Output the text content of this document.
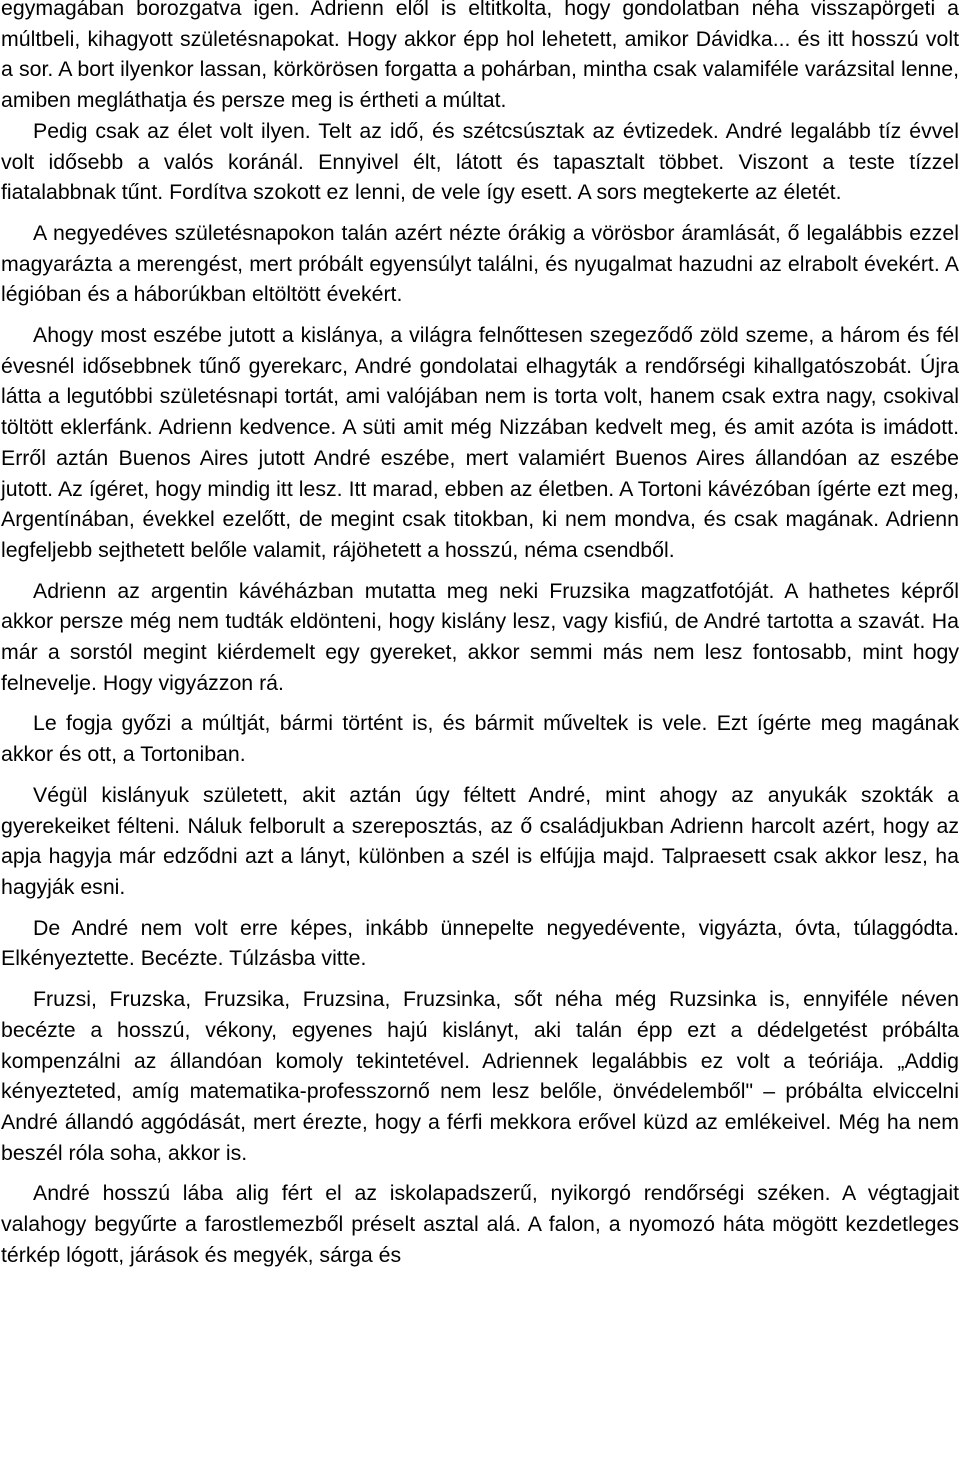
egymagában borozgatva igen. Adrienn elől is eltitkolta, hogy gondolatban néha visszapörgeti a múltbeli, kihagyott születésnapokat. Hogy akkor épp hol lehetett, amikor Dávidka... és itt hosszú volt a sor. A bort ilyenkor lassan, körkörösen forgatta a pohárban, mintha csak valamiféle varázsital lenne, amiben megláthatja és persze meg is értheti a múltat.

Pedig csak az élet volt ilyen. Telt az idő, és szétcsúsztak az évtizedek. André legalább tíz évvel volt idősebb a valós koránál. Ennyivel élt, látott és tapasztalt többet. Viszont a teste tízzel fiatalabbnak tűnt. Fordítva szokott ez lenni, de vele így esett. A sors megtekerte az életét.

A negyedéves születésnapokon talán azért nézte órákig a vörösbor áramlását, ő legalábbis ezzel magyarázta a merengést, mert próbált egyensúlyt találni, és nyugalmat hazudni az elrabolt évekért. A légióban és a háborúkban eltöltött évekért.

Ahogy most eszébe jutott a kislánya, a világra felnőttesen szegeződő zöld szeme, a három és fél évesnél idősebbnek tűnő gyerekarc, André gondolatai elhagyták a rendőrségi kihallgatószobát. Újra látta a legutóbbi születésnapi tortát, ami valójában nem is torta volt, hanem csak extra nagy, csokival töltött eklerfánk. Adrienn kedvence. A süti amit még Nizzában kedvelt meg, és amit azóta is imádott. Erről aztán Buenos Aires jutott André eszébe, mert valamiért Buenos Aires állandóan az eszébe jutott. Az ígéret, hogy mindig itt lesz. Itt marad, ebben az életben. A Tortoni kávézóban ígérte ezt meg, Argentínában, évekkel ezelőtt, de megint csak titokban, ki nem mondva, és csak magának. Adrienn legfeljebb sejthetett belőle valamit, rájöhetett a hosszú, néma csendből.

Adrienn az argentin kávéházban mutatta meg neki Fruzsika magzatfotóját. A hathetes képről akkor persze még nem tudták eldönteni, hogy kislány lesz, vagy kisfiú, de André tartotta a szavát. Ha már a sorstól megint kiérdemelt egy gyereket, akkor semmi más nem lesz fontosabb, mint hogy felnevelje. Hogy vigyázzon rá.

Le fogja győzi a múltját, bármi történt is, és bármit műveltek is vele. Ezt ígérte meg magának akkor és ott, a Tortoniban.

Végül kislányuk született, akit aztán úgy féltett André, mint ahogy az anyukák szokták a gyerekeiket félteni. Náluk felborult a szereposztás, az ő családjukban Adrienn harcolt azért, hogy az apja hagyja már edződni azt a lányt, különben a szél is elfújja majd. Talpraesett csak akkor lesz, ha hagyják esni.

De André nem volt erre képes, inkább ünnepelte negyedévente, vigyázta, óvta, túlaggódta. Elkényeztette. Becézte. Túlzásba vitte.

Fruzsi, Fruzska, Fruzsika, Fruzsina, Fruzsinka, sőt néha még Ruzsinka is, ennyiféle néven becézte a hosszú, vékony, egyenes hajú kislányt, aki talán épp ezt a dédelgetést próbálta kompenzálni az állandóan komoly tekintetével. Adriennek legalábbis ez volt a teóriája. „Addig kényezteted, amíg matematika-professzornő nem lesz belőle, önvédelemből" – próbálta elviccelni André állandó aggódását, mert érezte, hogy a férfi mekkora erővel küzd az emlékeivel. Még ha nem beszél róla soha, akkor is.

André hosszú lába alig fért el az iskolapadszerű, nyikorgó rendőrségi széken. A végtagjait valahogy begyűrte a farostlemezből préselt asztal alá. A falon, a nyomozó háta mögött kezdetleges térkép lógott, járások és megyék, sárga és
